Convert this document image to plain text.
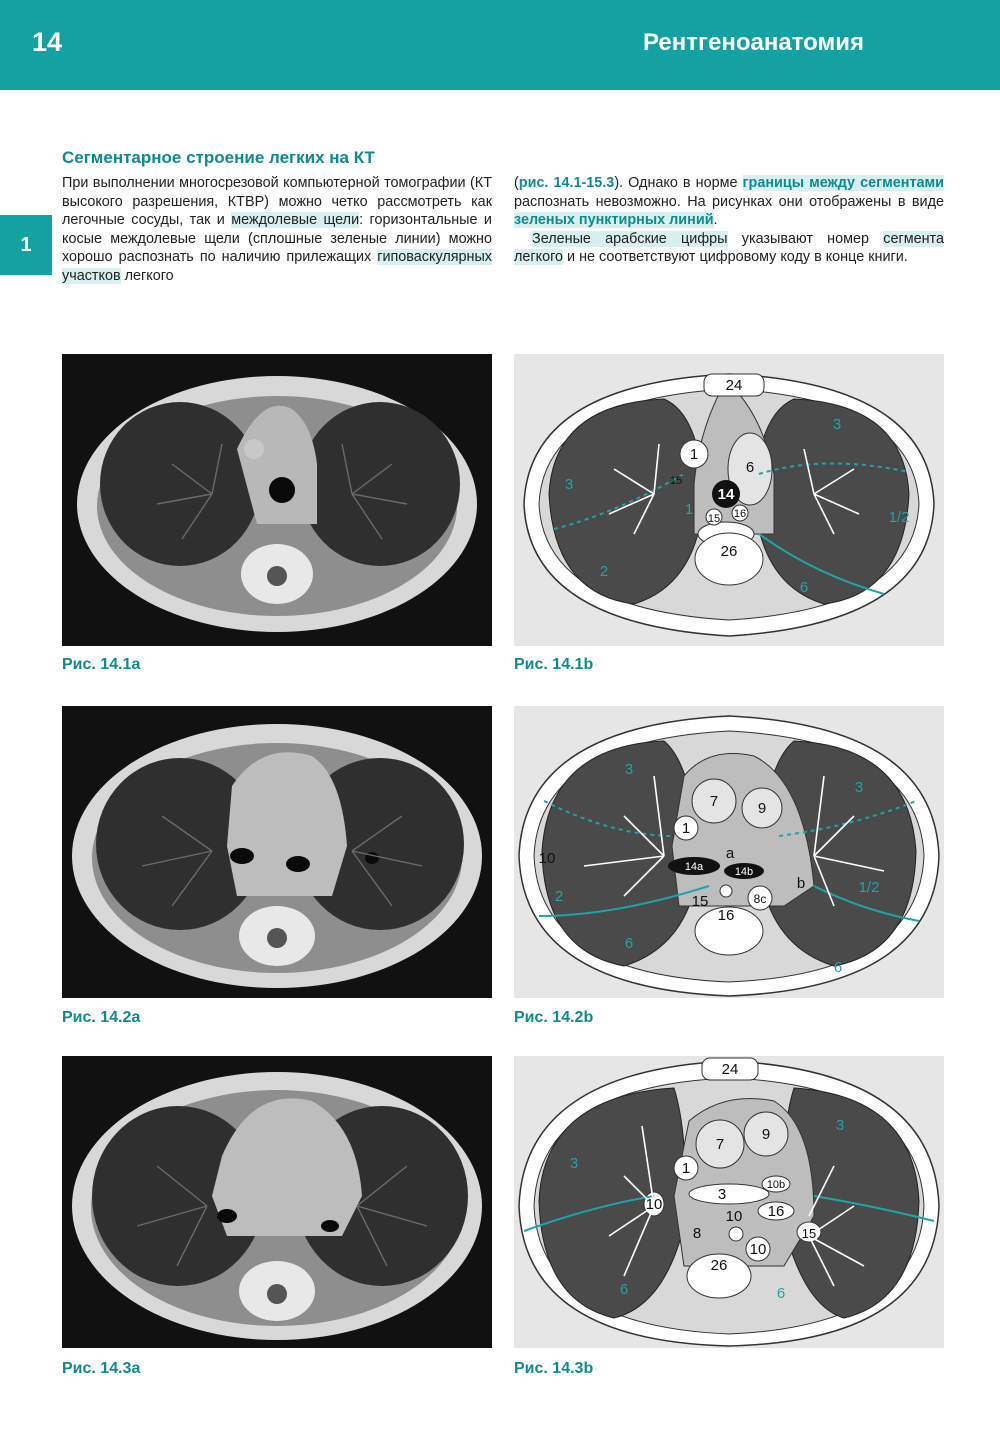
14	Рентгеноанатомия
1
Сегментарное строение легких на КТ

При выполнении многосрезовой компьютерной томографии (КТ высокого разрешения, КТВР) можно четко рассмотреть как легочные сосуды, так и междолевые щели: горизонтальные и косые междолевые щели (сплошные зеленые линии) можно хорошо распознать по наличию прилежащих гиповаскулярных участков легкого

(рис. 14.1-15.3). Однако в норме границы между сегментами распознать невозможно. На рисунках они отображены в виде зеленых пунктирных линий.

Зеленые арабские цифры указывают номер сегмента легкого и не соответствуют цифровому коду в конце книги.

Рис. 14.1a
24
1
6
15
14
15 16
26
3
1
3
1/2
2
6
Рис. 14.1b
Рис. 14.2a
3
7	9
1
a
10	14a	14b
b
2	15	8c
16
3
1/2
6
6
Рис. 14.2b
Рис. 14.3a
24
7
9
1
3
10b
10	16
10
15
8
10
26
3
3
6	6
Рис. 14.3b
